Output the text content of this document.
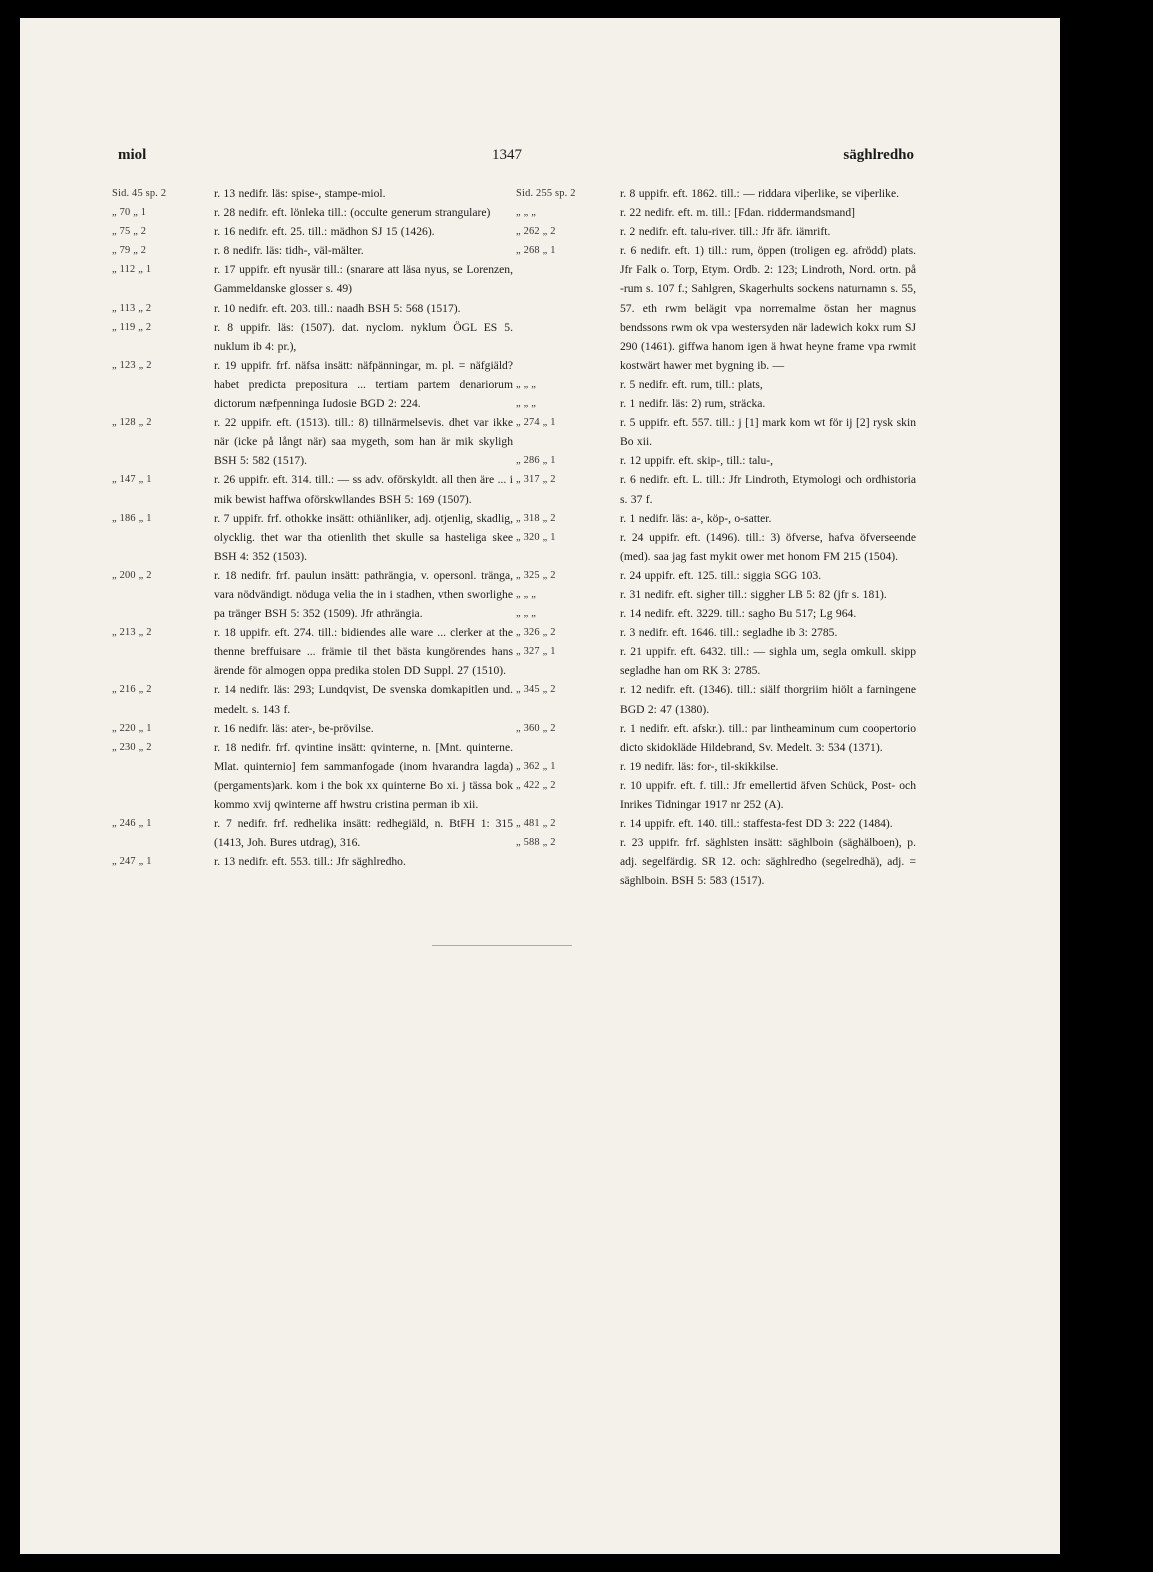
miol	1347	säghlredho
Sid. 45 sp. 2	r. 13 nedifr. läs: spise-, stampe-miol.
„ 70 „ 1	r. 28 nedifr. eft. lönleka till.: (occulte generum strangulare)
„ 75 „ 2	r. 16 nedifr. eft. 25. till.: mädhon SJ 15 (1426).
„ 79 „ 2	r. 8 nedifr. läs: tidh-, väl-mälter.
„ 112 „ 1	r. 17 uppifr. eft nyusär till.: (snarare att läsa nyus, se Lorenzen, Gammeldanske glosser s. 49)
„ 113 „ 2	r. 10 nedifr. eft. 203. till.: naadh BSH 5: 568 (1517).
„ 119 „ 2	r. 8 uppifr. läs: (1507). dat. nyclom. nyklum ÖGL ES 5. nuklum ib 4: pr.),
„ 123 „ 2	r. 19 uppifr. frf. näfsa insätt: näfpänningar, m. pl. = näfgiäld? habet predicta prepositura ... tertiam partem denariorum dictorum næfpenninga Iudosie BGD 2: 224.
„ 128 „ 2	r. 22 uppifr. eft. (1513). till.: 8) tillnärmelsevis. dhet var ikke när (icke på långt när) saa mygeth, som han är mik skyligh BSH 5: 582 (1517).
„ 147 „ 1	r. 26 uppifr. eft. 314. till.: — ss adv. oförskyldt. all then äre ... i mik bewist haffwa oförskwllandes BSH 5: 169 (1507).
„ 186 „ 1	r. 7 uppifr. frf. othokke insätt: othiänliker, adj. otjenlig, skadlig, olycklig. thet war tha otienlith thet skulle sa hasteliga skee BSH 4: 352 (1503).
„ 200 „ 2	r. 18 nedifr. frf. paulun insätt: pathrängia, v. opersonl. tränga, vara nödvändigt. nöduga velia the in i stadhen, vthen sworlighe pa tränger BSH 5: 352 (1509). Jfr athrängia.
„ 213 „ 2	r. 18 uppifr. eft. 274. till.: bidiendes alle ware ... clerker at the thenne breffuisare ... främie til thet bästa kungörendes hans ärende för almogen oppa predika stolen DD Suppl. 27 (1510).
„ 216 „ 2	r. 14 nedifr. läs: 293; Lundqvist, De svenska domkapitlen und. medelt. s. 143 f.
„ 220 „ 1	r. 16 nedifr. läs: ater-, be-prövilse.
„ 230 „ 2	r. 18 nedifr. frf. qvintine insätt: qvinterne, n. [Mnt. quinterne. Mlat. quinternio] fem sammanfogade (inom hvarandra lagda) (pergaments)ark. kom i the bok xx quinterne Bo xi. j tässa bok kommo xvij qwinterne aff hwstru cristina perman ib xii.
„ 246 „ 1	r. 7 nedifr. frf. redhelika insätt: redhegiäld, n. BtFH 1: 315 (1413, Joh. Bures utdrag), 316.
„ 247 „ 1	r. 13 nedifr. eft. 553. till.: Jfr säghlredho.
Sid. 255 sp. 2	r. 8 uppifr. eft. 1862. till.: — riddara viþerlike, se viþerlike.
„ „ „	r. 22 nedifr. eft. m. till.: [Fdan. riddermandsmand]
„ 262 „ 2	r. 2 nedifr. eft. talu-river. till.: Jfr äfr. iämrift.
„ 268 „ 1	r. 6 nedifr. eft. 1) till.: rum, öppen (troligen eg. afrödd) plats. Jfr Falk o. Torp, Etym. Ordb. 2: 123; Lindroth, Nord. ortn. på -rum s. 107 f.; Sahlgren, Skagerhults sockens naturnamn s. 55, 57. eth rwm belägit vpa norremalme östan her magnus bendssons rwm ok vpa westersyden när ladewich kokx rum SJ 290 (1461). giffwa hanom igen ä hwat heyne frame vpa rwmit kostwärt hawer met bygning ib. —
„ „ „	r. 5 nedifr. eft. rum, till.: plats,
„ „ „	r. 1 nedifr. läs: 2) rum, sträcka.
„ 274 „ 1	r. 5 uppifr. eft. 557. till.: j [1] mark kom wt för ij [2] rysk skin Bo xii.
„ 286 „ 1	r. 12 uppifr. eft. skip-, till.: talu-,
„ 317 „ 2	r. 6 nedifr. eft. L. till.: Jfr Lindroth, Etymologi och ordhistoria s. 37 f.
„ 318 „ 2	r. 1 nedifr. läs: a-, köp-, o-satter.
„ 320 „ 1	r. 24 uppifr. eft. (1496). till.: 3) öfverse, hafva öfverseende (med). saa jag fast mykit ower met honom FM 215 (1504).
„ 325 „ 2	r. 24 uppifr. eft. 125. till.: siggia SGG 103.
„ „ „	r. 31 nedifr. eft. sigher till.: siggher LB 5: 82 (jfr s. 181).
„ „ „	r. 14 nedifr. eft. 3229. till.: sagho Bu 517; Lg 964.
„ 326 „ 2	r. 3 nedifr. eft. 1646. till.: segladhe ib 3: 2785.
„ 327 „ 1	r. 21 uppifr. eft. 6432. till.: — sighla um, segla omkull. skipp segladhe han om RK 3: 2785.
„ 345 „ 2	r. 12 nedifr. eft. (1346). till.: siälf thorgriim hiölt a farningene BGD 2: 47 (1380).
„ 360 „ 2	r. 1 nedifr. eft. afskr.). till.: par lintheaminum cum coopertorio dicto skidokläde Hildebrand, Sv. Medelt. 3: 534 (1371).
„ 362 „ 1	r. 19 nedifr. läs: for-, til-skikkilse.
„ 422 „ 2	r. 10 uppifr. eft. f. till.: Jfr emellertid äfven Schück, Post- och Inrikes Tidningar 1917 nr 252 (A).
„ 481 „ 2	r. 14 uppifr. eft. 140. till.: staffesta-fest DD 3: 222 (1484).
„ 588 „ 2	r. 23 uppifr. frf. säghlsten insätt: säghlboin (säghälboen), p. adj. segelfärdig. SR 12. och: säghlredho (segelredhä), adj. = säghlboin. BSH 5: 583 (1517).
